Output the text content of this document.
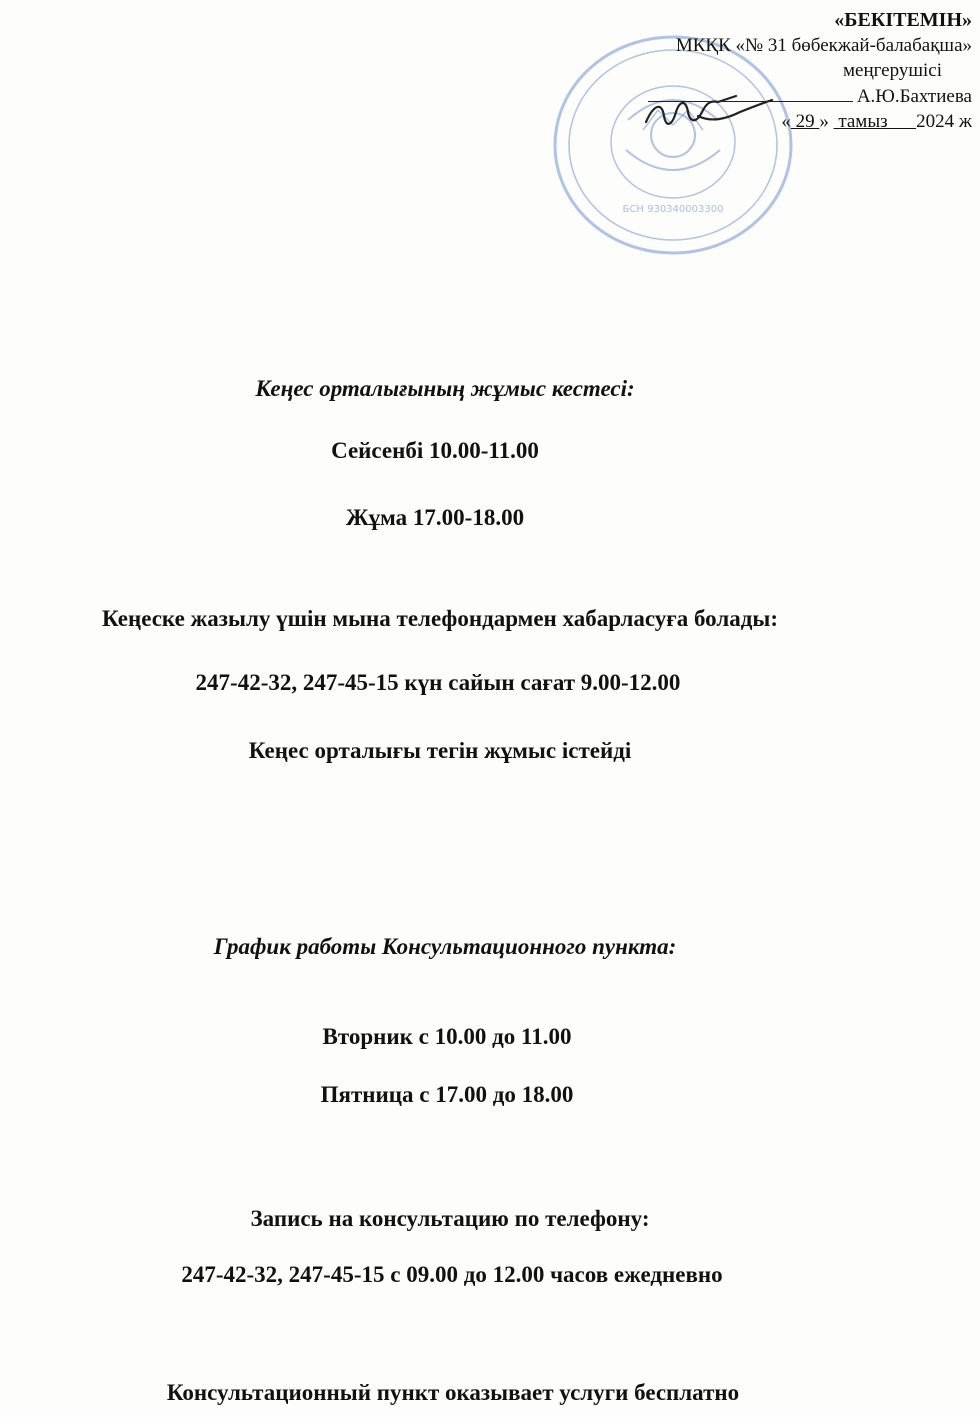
БСН 930340003300
«БЕКІТЕМІН»
МКҚК «№ 31 бөбекжай-балабақша»
меңгерушісі
А.Ю.Бахтиева
« 29 » тамыз 2024 ж
Кеңес орталығының жұмыс кестесі:
Сейсенбі 10.00-11.00
Жұма 17.00-18.00
Кеңеске жазылу үшін мына телефондармен хабарласуға болады:
247-42-32, 247-45-15 күн сайын сағат 9.00-12.00
Кеңес орталығы тегін жұмыс істейді
График работы Консультационного пункта:
Вторник с 10.00 до 11.00
Пятница с 17.00 до 18.00
Запись на консультацию по телефону:
247-42-32, 247-45-15 с 09.00 до 12.00 часов ежедневно
Консультационный пункт оказывает услуги бесплатно
